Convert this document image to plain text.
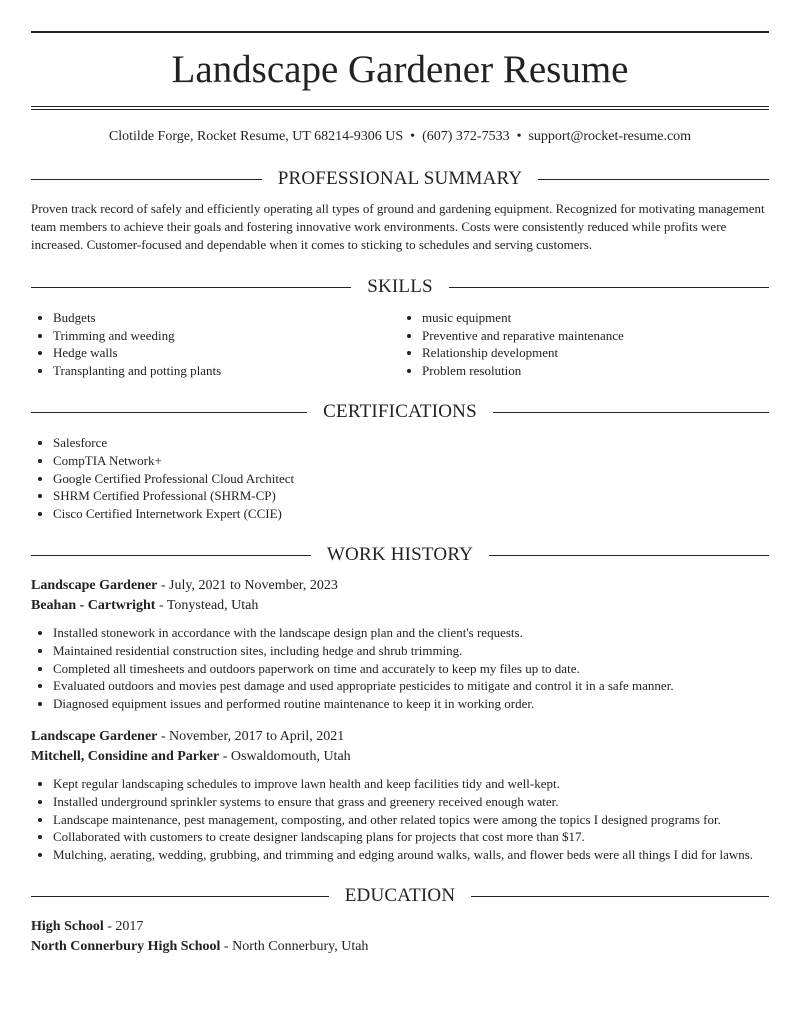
Landscape Gardener Resume
Clotilde Forge, Rocket Resume, UT 68214-9306 US • (607) 372-7533 • support@rocket-resume.com
PROFESSIONAL SUMMARY
Proven track record of safely and efficiently operating all types of ground and gardening equipment. Recognized for motivating management team members to achieve their goals and fostering innovative work environments. Costs were consistently reduced while profits were increased. Customer-focused and dependable when it comes to sticking to schedules and serving customers.
SKILLS
• Budgets
• Trimming and weeding
• Hedge walls
• Transplanting and potting plants
• music equipment
• Preventive and reparative maintenance
• Relationship development
• Problem resolution
CERTIFICATIONS
• Salesforce
• CompTIA Network+
• Google Certified Professional Cloud Architect
• SHRM Certified Professional (SHRM-CP)
• Cisco Certified Internetwork Expert (CCIE)
WORK HISTORY
Landscape Gardener - July, 2021 to November, 2023
Beahan - Cartwright - Tonystead, Utah
• Installed stonework in accordance with the landscape design plan and the client's requests.
• Maintained residential construction sites, including hedge and shrub trimming.
• Completed all timesheets and outdoors paperwork on time and accurately to keep my files up to date.
• Evaluated outdoors and movies pest damage and used appropriate pesticides to mitigate and control it in a safe manner.
• Diagnosed equipment issues and performed routine maintenance to keep it in working order.
Landscape Gardener - November, 2017 to April, 2021
Mitchell, Considine and Parker - Oswaldomouth, Utah
• Kept regular landscaping schedules to improve lawn health and keep facilities tidy and well-kept.
• Installed underground sprinkler systems to ensure that grass and greenery received enough water.
• Landscape maintenance, pest management, composting, and other related topics were among the topics I designed programs for.
• Collaborated with customers to create designer landscaping plans for projects that cost more than $17.
• Mulching, aerating, wedding, grubbing, and trimming and edging around walks, walls, and flower beds were all things I did for lawns.
EDUCATION
High School - 2017
North Connerbury High School - North Connerbury, Utah
